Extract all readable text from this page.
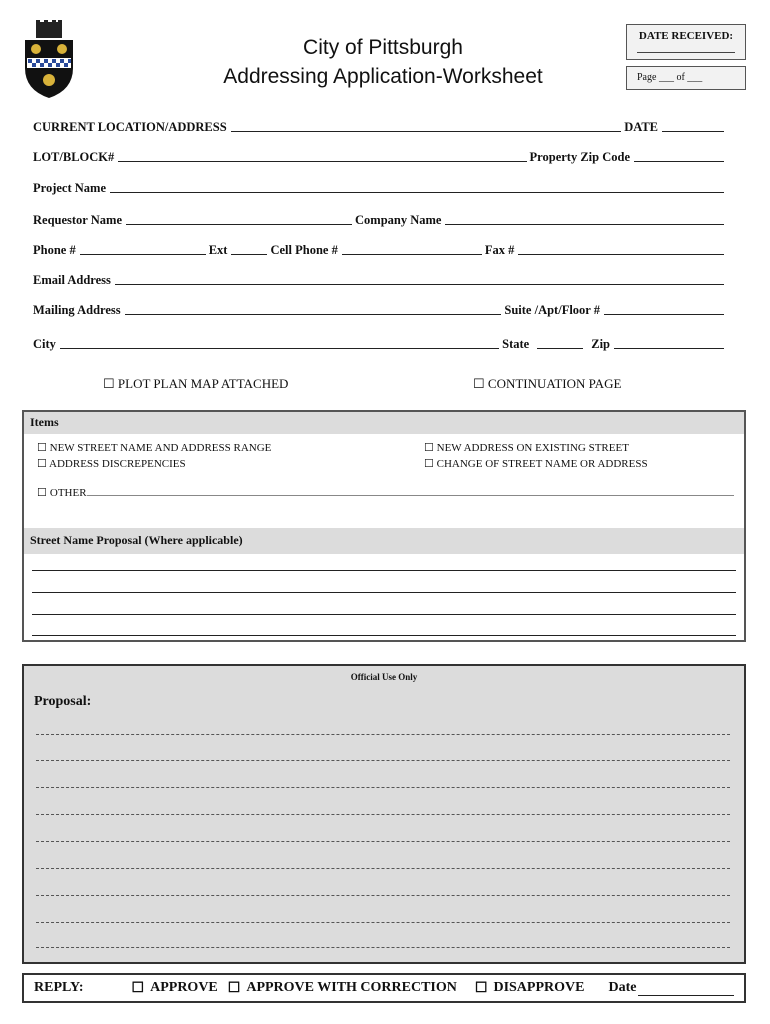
City of Pittsburgh
Addressing Application-Worksheet
DATE RECEIVED:
Page ___ of ___
CURRENT LOCATION/ADDRESS	DATE
LOT/BLOCK#	Property Zip Code
Project Name
Requestor Name	Company Name
Phone #	Ext	Cell Phone #	Fax #
Email Address
Mailing Address	Suite /Apt/Floor #
City	State	Zip
☐ PLOT PLAN MAP ATTACHED	☐ CONTINUATION PAGE
Items
☐ NEW STREET NAME AND ADDRESS RANGE
☐ ADDRESS DISCREPENCIES
☐ NEW ADDRESS ON EXISTING STREET
☐ CHANGE OF STREET NAME OR ADDRESS
☐ OTHER
Street Name Proposal (Where applicable)
Official Use Only
Proposal:
REPLY:	☐ APPROVE ☐ APPROVE WITH CORRECTION ☐ DISAPPROVE Date
